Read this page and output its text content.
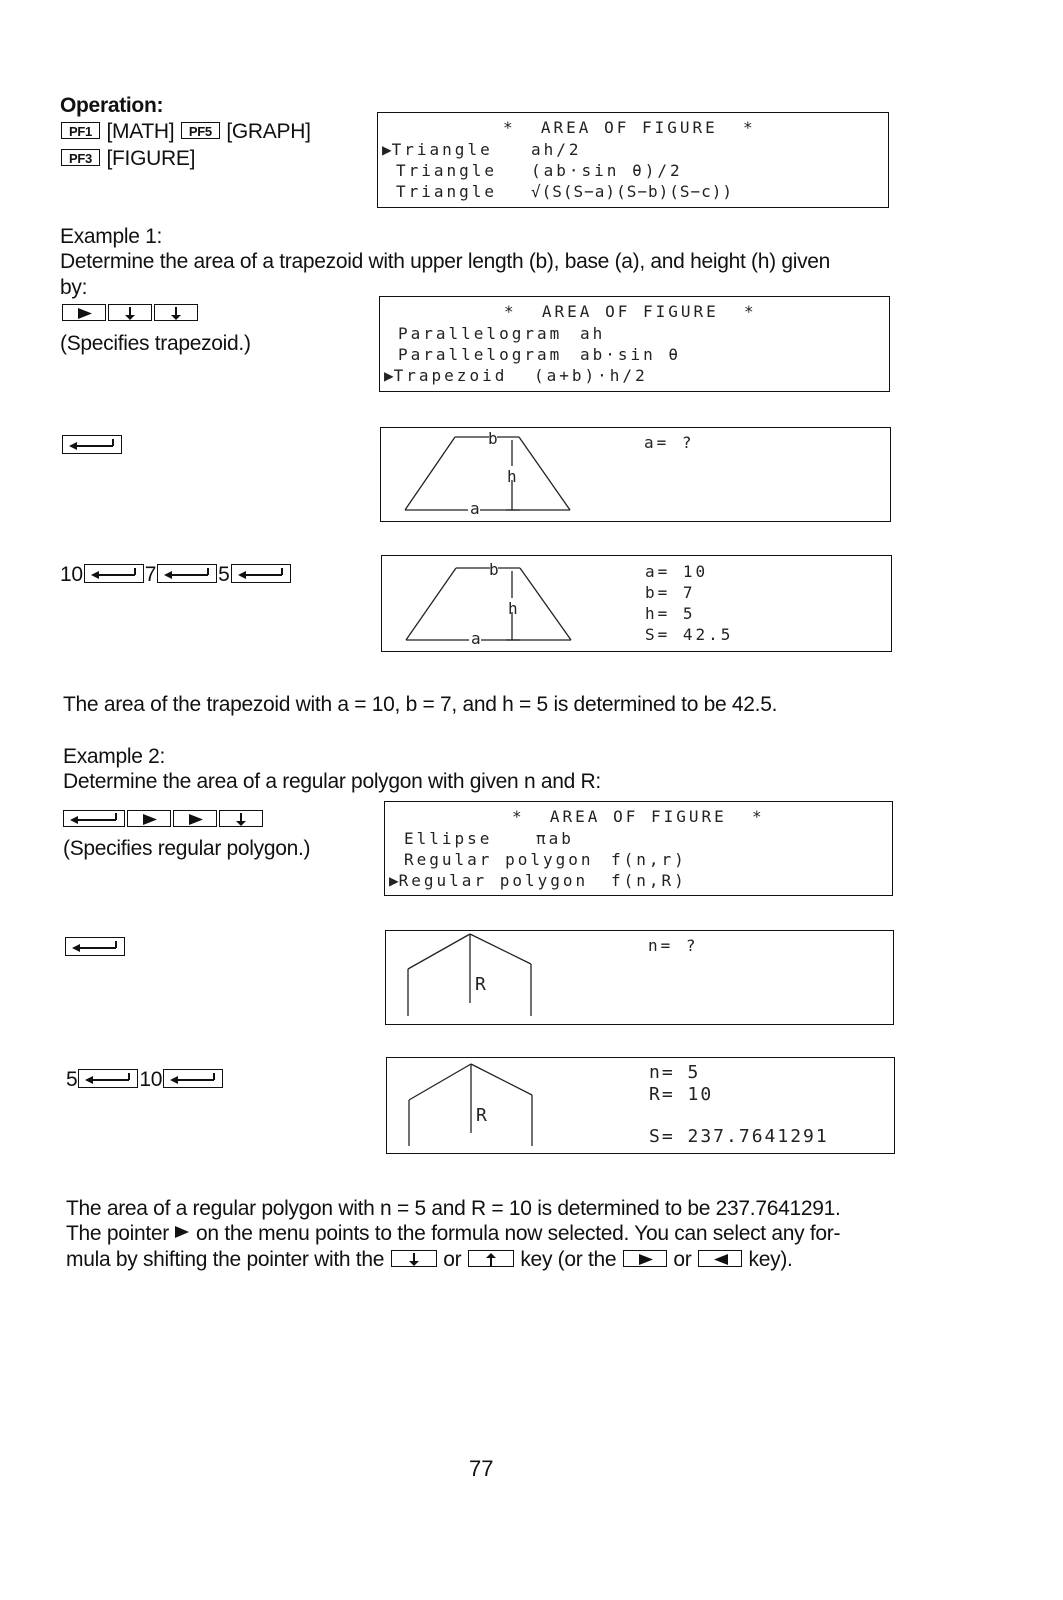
Operation:
PF1 [MATH] PF5 [GRAPH]
PF3 [FIGURE]
*  AREA OF FIGURE  *
▶Triangle ah/2
Triangle (ab·sin θ)/2
Triangle √(S(S−a)(S−b)(S−c))
Example 1:
Determine the area of a trapezoid with upper length (b), base (a), and height (h) given
by:
(Specifies trapezoid.)
*  AREA OF FIGURE  *
Parallelogram ah
Parallelogram ab·sin θ
▶Trapezoid (a+b)·h/2
b
h
a
a= ?
10	7	5	b
h
a
a= 10
b= 7
h= 5
S= 42.5
The area of the trapezoid with a = 10, b = 7, and h = 5 is determined to be 42.5.
Example 2:
Determine the area of a regular polygon with given n and R:
(Specifies regular polygon.)
*  AREA OF FIGURE  *
Ellipse	πab
Regular polygon f(n,r)
▶Regular polygon f(n,R)
R
n= ?
5	10
R
n= 5
R= 10
S= 237.7641291
The area of a regular polygon with n = 5 and R = 10 is determined to be 237.7641291.
The pointer on the menu points to the formula now selected. You can select any for-
mula by shifting the pointer with the	or	key (or the	or	key).
77
